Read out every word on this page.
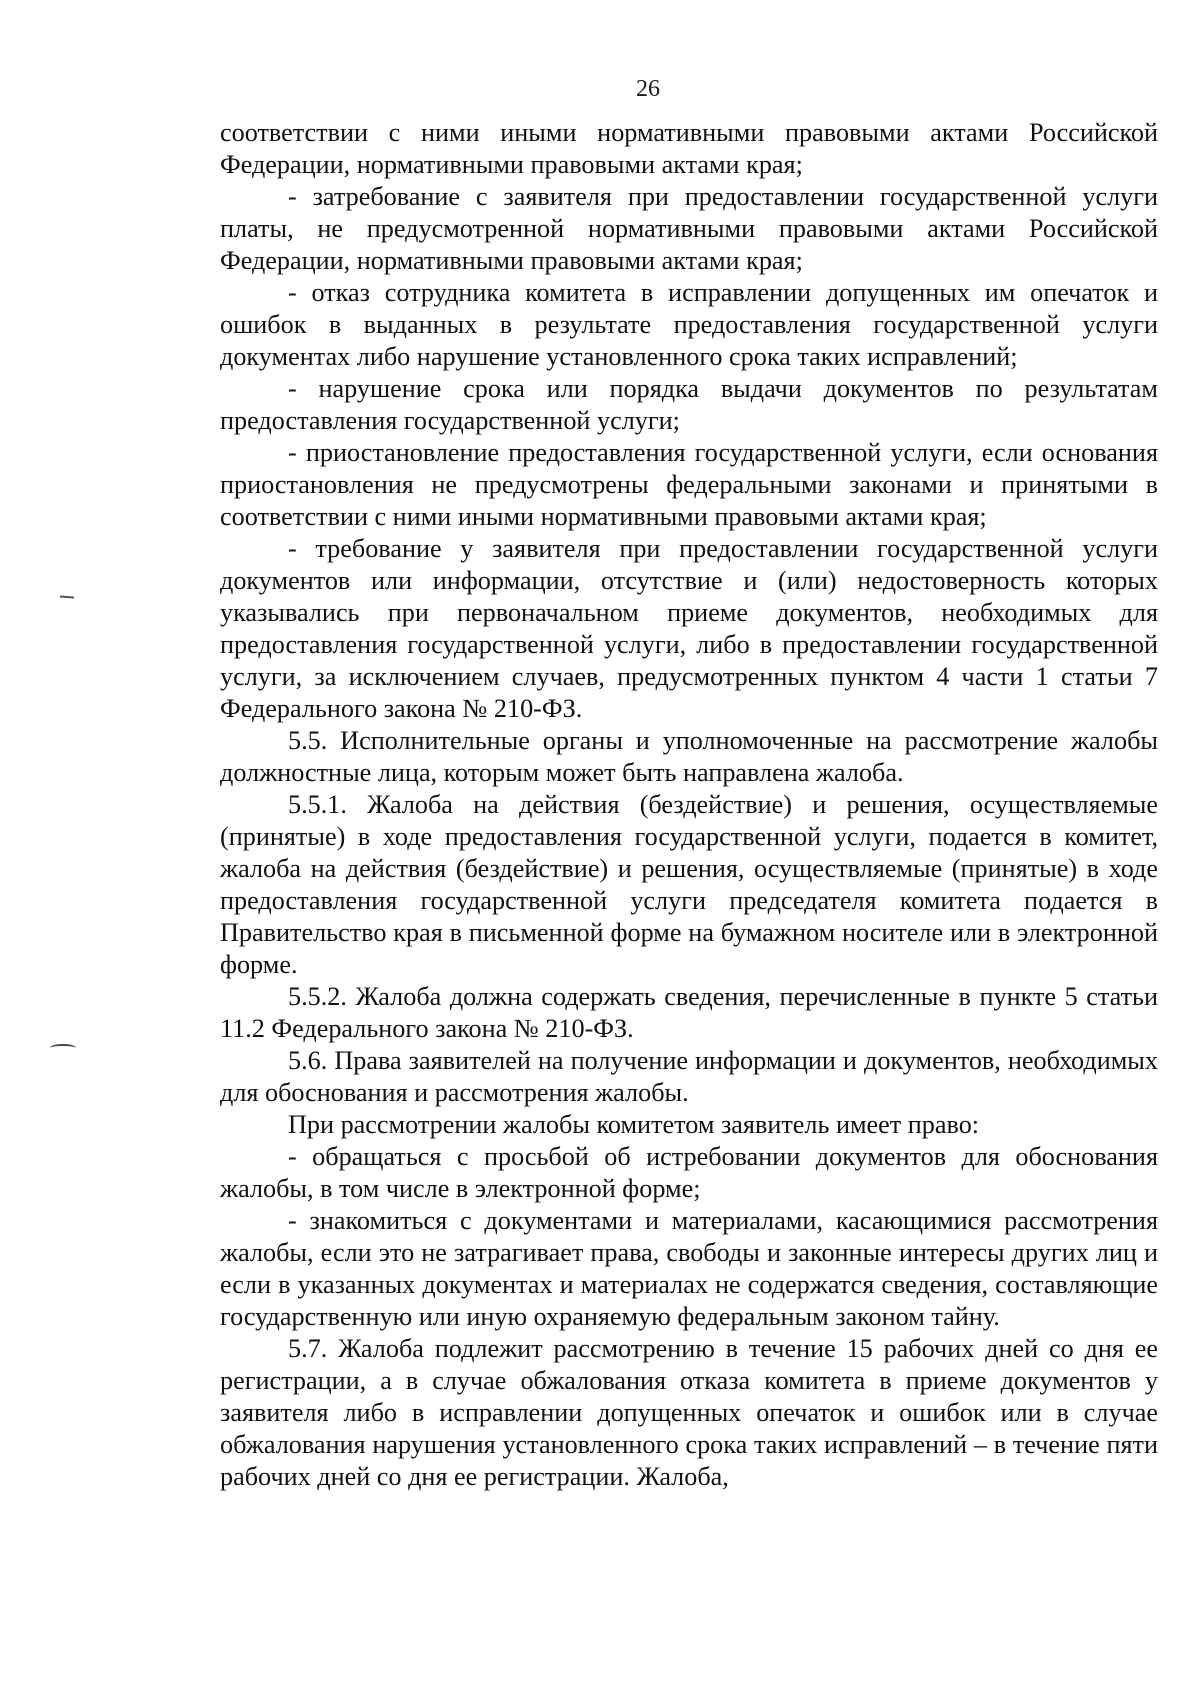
26

соответствии с ними иными нормативными правовыми актами Российской Федерации, нормативными правовыми актами края;

- затребование с заявителя при предоставлении государственной услуги платы, не предусмотренной нормативными правовыми актами Российской Федерации, нормативными правовыми актами края;

- отказ сотрудника комитета в исправлении допущенных им опечаток и ошибок в выданных в результате предоставления государственной услуги документах либо нарушение установленного срока таких исправлений;

- нарушение срока или порядка выдачи документов по результатам предоставления государственной услуги;

- приостановление предоставления государственной услуги, если основания приостановления не предусмотрены федеральными законами и принятыми в соответствии с ними иными нормативными правовыми актами края;

- требование у заявителя при предоставлении государственной услуги документов или информации, отсутствие и (или) недостоверность которых указывались при первоначальном приеме документов, необходимых для предоставления государственной услуги, либо в предоставлении государственной услуги, за исключением случаев, предусмотренных пунктом 4 части 1 статьи 7 Федерального закона № 210-ФЗ.

5.5. Исполнительные органы и уполномоченные на рассмотрение жалобы должностные лица, которым может быть направлена жалоба.

5.5.1. Жалоба на действия (бездействие) и решения, осуществляемые (принятые) в ходе предоставления государственной услуги, подается в комитет, жалоба на действия (бездействие) и решения, осуществляемые (принятые) в ходе предоставления государственной услуги председателя комитета подается в Правительство края в письменной форме на бумажном носителе или в электронной форме.

5.5.2. Жалоба должна содержать сведения, перечисленные в пункте 5 статьи 11.2 Федерального закона № 210-ФЗ.

5.6. Права заявителей на получение информации и документов, необходимых для обоснования и рассмотрения жалобы.

При рассмотрении жалобы комитетом заявитель имеет право:

- обращаться с просьбой об истребовании документов для обоснования жалобы, в том числе в электронной форме;

- знакомиться с документами и материалами, касающимися рассмотрения жалобы, если это не затрагивает права, свободы и законные интересы других лиц и если в указанных документах и материалах не содержатся сведения, составляющие государственную или иную охраняемую федеральным законом тайну.

5.7. Жалоба подлежит рассмотрению в течение 15 рабочих дней со дня ее регистрации, а в случае обжалования отказа комитета в приеме документов у заявителя либо в исправлении допущенных опечаток и ошибок или в случае обжалования нарушения установленного срока таких исправлений – в течение пяти рабочих дней со дня ее регистрации. Жалоба,
